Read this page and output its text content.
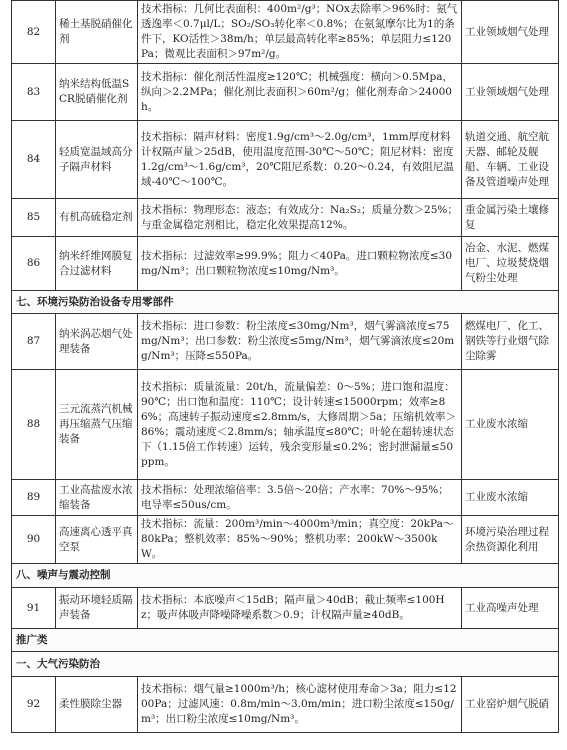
82	稀土基脱硝催化剂	技术指标：几何比表面积：400m²/g³；NOx去除率＞96%时：氨气透逸率＜0.7μl/L；SO₂/SO₃转化率＜0.8%；在氨氮摩尔比为1的条件下，KO活性＞38m/h；单层最高转化率≥85%；单层阻力≤120Pa；微观比表面积＞97m²/g。	工业领域烟气处理
83	纳米结构低温SCR脱硝催化剂	技术指标：催化剂活性温度≥120℃；机械强度：横向＞0.5Mpa，纵向＞2.2MPa；催化剂比表面积＞60m²/g；催化剂寿命＞24000h。	工业领域烟气处理
84	轻质宽温域高分子隔声材料	技术指标：隔声材料：密度1.9g/cm³～2.0g/cm³，1mm厚度材料计权隔声量＞25dB，使用温度范围-30℃～50℃；阻尼材料：密度1.2g/cm³～1.6g/cm³，20℃阻尼系数：0.20～0.24，有效阻尼温域-40℃～100℃。	轨道交通、航空航天器、邮轮及舰船、车辆、工业设备及管道噪声处理
85	有机高硫稳定剂	技术指标：物理形态：液态；有效成分：Na₂S₂；质量分数＞25%；与重金属稳定剂相比，稳定化效果提高12%。	重金属污染土壤修复
86	纳米纤维网膜复合过滤材料	技术指标：过滤效率≥99.9%；阻力＜40Pa。进口颗粒物浓度≤30mg/Nm³；出口颗粒物浓度≤10mg/Nm³。	冶金、水泥、燃煤电厂、垃圾焚烧烟气粉尘处理
七、环境污染防治设备专用零部件			
87	纳米涡芯烟气处理装备	技术指标：进口参数：粉尘浓度≤30mg/Nm³，烟气雾滴浓度≤75mg/Nm³；出口参数：粉尘浓度≤5mg/Nm³，烟气雾滴浓度≤20mg/Nm³；压降≤550Pa。	燃煤电厂、化工、钢铁等行业烟气除尘除雾
88	三元流蒸汽机械再压缩蒸气压缩装备	技术指标：质量流量：20t/h，流量偏差：0～5%；进口饱和温度：90℃；出口饱和温度：110℃；设计转速≤15000rpm；效率≥86%；高速转子振动速度≤2.8mm/s，大修周期＞5a；压缩机效率＞86%；震动速度＜2.8mm/s；轴承温度≤80℃；叶轮在超转速状态下（1.15倍工作转速）运转，残余变形量≤0.2%；密封泄漏量≤50ppm。	工业废水浓缩
89	工业高盐废水浓缩装备	技术指标：处理浓缩倍率：3.5倍～20倍；产水率：70%～95%；电导率≤50us/cm。	工业废水浓缩
90	高速离心透平真空泵	技术指标：流量：200m³/min～4000m³/min；真空度：20kPa～80kPa；整机效率：85%～90%；整机功率：200kW～3500kW。	环境污染治理过程余热资源化利用
八、噪声与震动控制			
91	振动环境轻质隔声装备	技术指标：本底噪声＜15dB；隔声量＞40dB；截止频率≤100Hz；吸声体吸声降噪降噪系数＞0.9；计权隔声量≥40dB。	工业高噪声处理
推广类			
一、大气污染防治			
92	柔性膜除尘器	技术指标：烟气量≥1000m³/h；核心滤材使用寿命＞3a；阻力≤1200Pa；过滤风速：0.8m/min～3.0m/min；进口粉尘浓度≤150g/m³；出口粉尘浓度≤10mg/Nm³。	工业窑炉烟气脱硝
